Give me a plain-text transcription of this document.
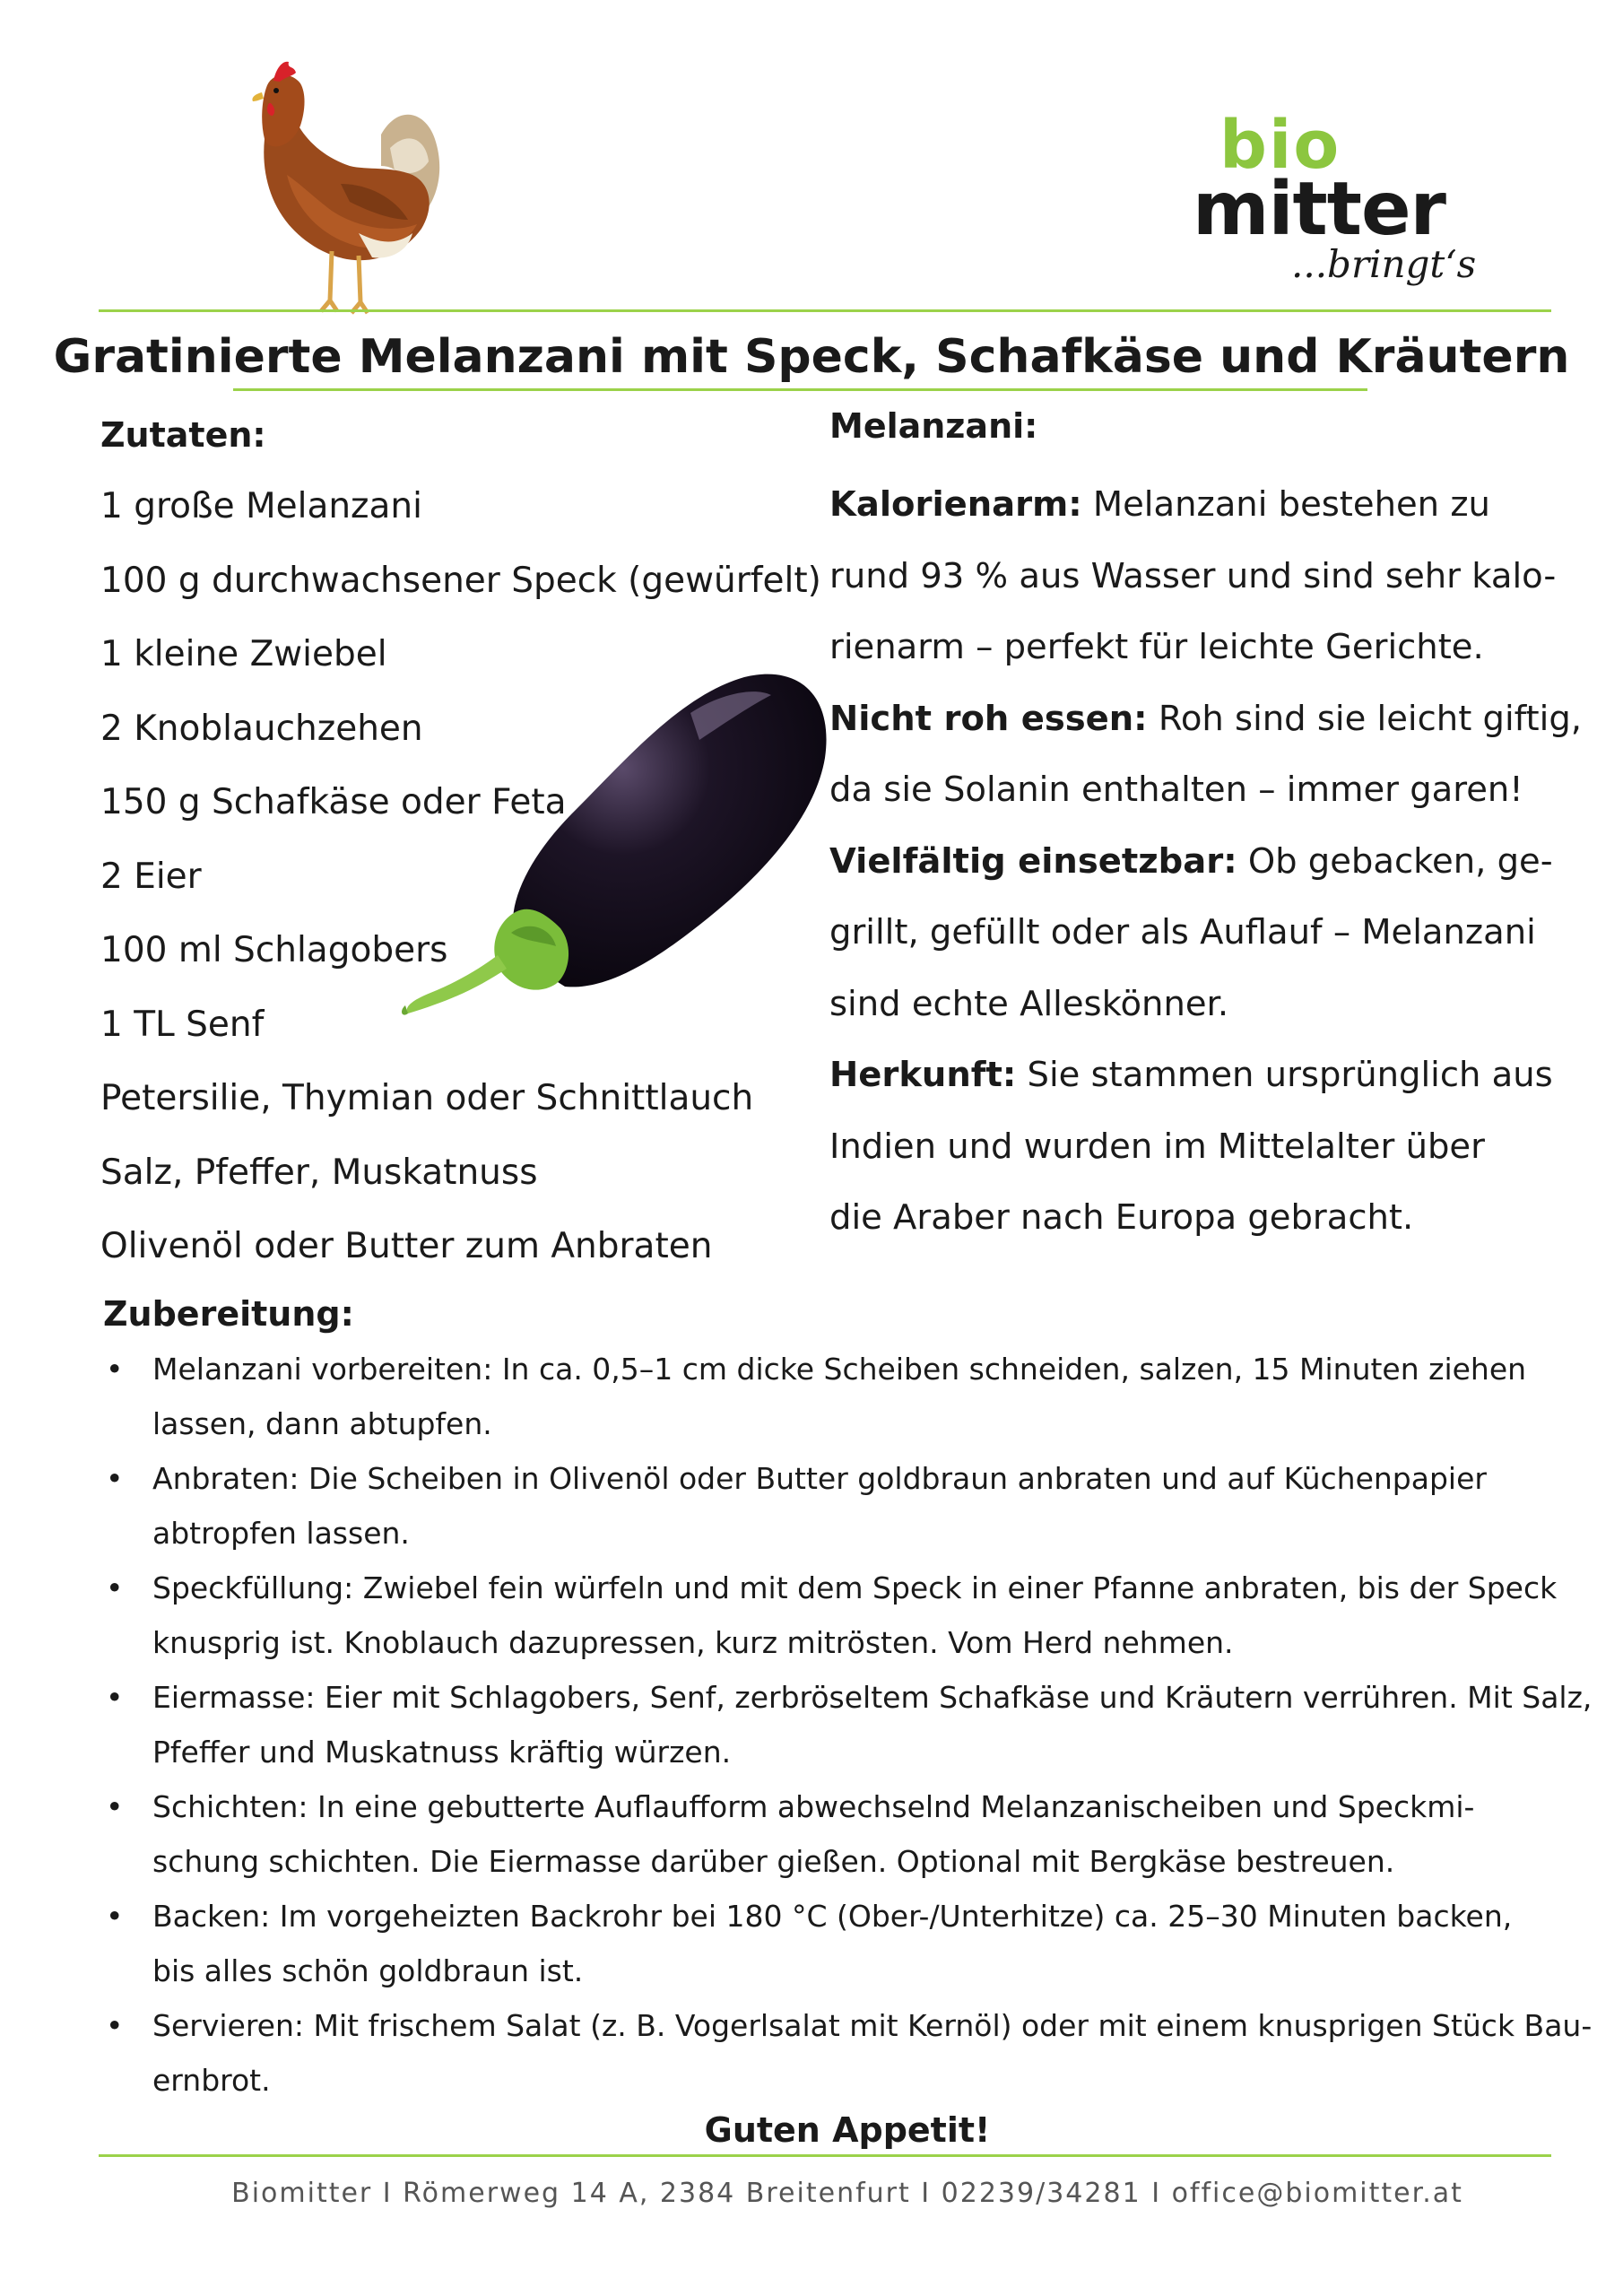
bio
mitter
...bringt‘s
Gratinierte Melanzani mit Speck, Schafkäse und Kräutern
Zutaten:
1 große Melanzani
100 g durchwachsener Speck (gewürfelt)
1 kleine Zwiebel
2 Knoblauchzehen
150 g Schafkäse oder Feta
2 Eier
100 ml Schlagobers
1 TL Senf
Petersilie, Thymian oder Schnittlauch
Salz, Pfeffer, Muskatnuss
Olivenöl oder Butter zum Anbraten
Melanzani:

Kalorienarm: Melanzani bestehen zu
rund 93 % aus Wasser und sind sehr kalo-
rienarm – perfekt für leichte Gerichte.

Nicht roh essen: Roh sind sie leicht giftig,
da sie Solanin enthalten – immer garen!

Vielfältig einsetzbar: Ob gebacken, ge-
grillt, gefüllt oder als Auflauf – Melanzani
sind echte Alleskönner.

Herkunft: Sie stammen ursprünglich aus
Indien und wurden im Mittelalter über
die Araber nach Europa gebracht.

Zubereitung:
• Melanzani vorbereiten: In ca. 0,5–1 cm dicke Scheiben schneiden, salzen, 15 Minuten ziehen
lassen, dann abtupfen.
• Anbraten: Die Scheiben in Olivenöl oder Butter goldbraun anbraten und auf Küchenpapier
abtropfen lassen.
• Speckfüllung: Zwiebel fein würfeln und mit dem Speck in einer Pfanne anbraten, bis der Speck
knusprig ist. Knoblauch dazupressen, kurz mitrösten. Vom Herd nehmen.
• Eiermasse: Eier mit Schlagobers, Senf, zerbröseltem Schafkäse und Kräutern verrühren. Mit Salz,
Pfeffer und Muskatnuss kräftig würzen.
• Schichten: In eine gebutterte Auflaufform abwechselnd Melanzanischeiben und Speckmi-
schung schichten. Die Eiermasse darüber gießen. Optional mit Bergkäse bestreuen.
• Backen: Im vorgeheizten Backrohr bei 180 °C (Ober-/Unterhitze) ca. 25–30 Minuten backen,
bis alles schön goldbraun ist.
• Servieren: Mit frischem Salat (z. B. Vogerlsalat mit Kernöl) oder mit einem knusprigen Stück Bau-
ernbrot.
Guten Appetit!
Biomitter I Römerweg 14 A, 2384 Breitenfurt I 02239/34281 I office@biomitter.at
